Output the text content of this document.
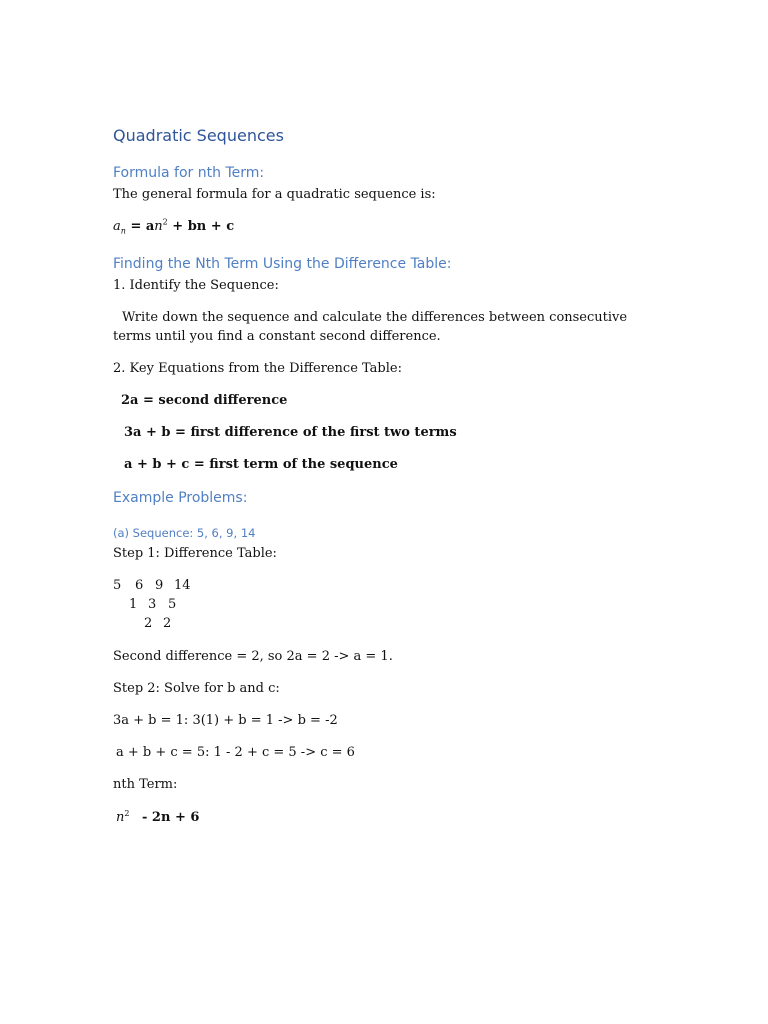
Quadratic Sequences
Formula for nth Term:
The general formula for a quadratic sequence is:
$a_n = an^2$ + bn + c
Finding the Nth Term Using the Difference Table:
1. Identify the Sequence:
Write down the sequence and calculate the differences between consecutive terms until you find a constant second difference.
2. Key Equations from the Difference Table:
2a = second difference
3a + b = first difference of the first two terms
a + b + c = first term of the sequence
Example Problems:
(a) Sequence: 5, 6, 9, 14
Step 1: Difference Table:
5 6 9 14
1 3 5
2 2
Second difference = 2, so 2a = 2 -> a = 1.
Step 2: Solve for b and c:
3a + b = 1: 3(1) + b = 1 -> b = -2
a + b + c = 5: 1 - 2 + c = 5 -> c = 6
nth Term:
$n^2 - 2n + 6$
